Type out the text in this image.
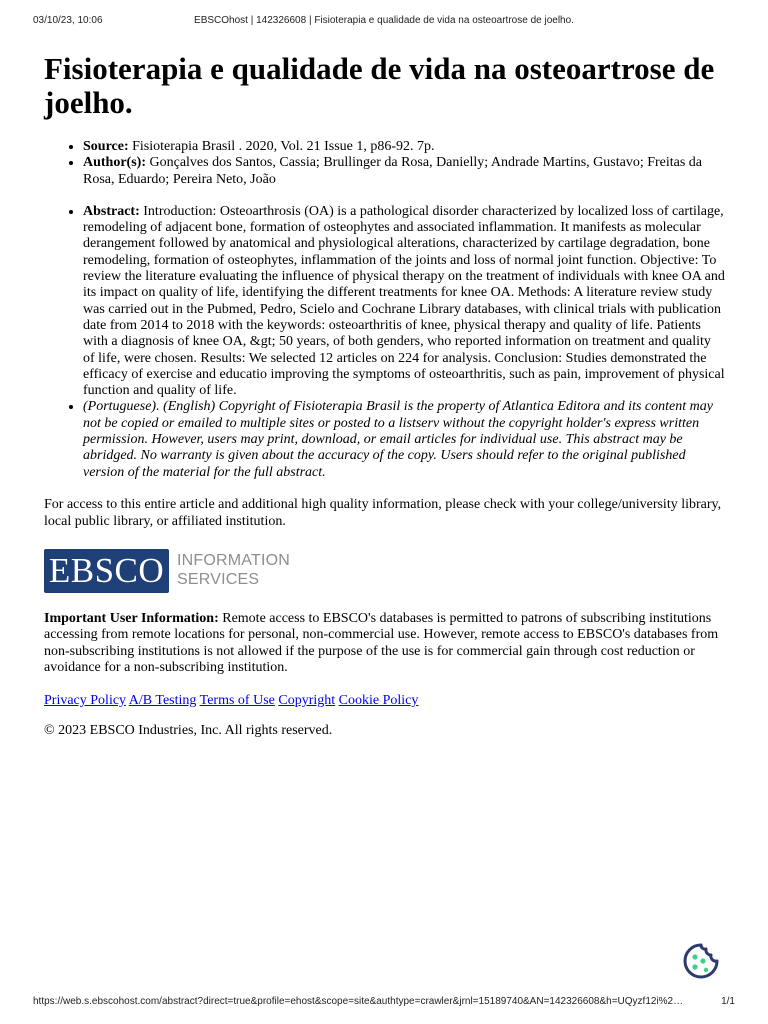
03/10/23, 10:06	EBSCOhost | 142326608 | Fisioterapia e qualidade de vida na osteoartrose de joelho.
Fisioterapia e qualidade de vida na osteoartrose de joelho.
• Source: Fisioterapia Brasil . 2020, Vol. 21 Issue 1, p86-92. 7p.
• Author(s): Gonçalves dos Santos, Cassia; Brullinger da Rosa, Danielly; Andrade Martins, Gustavo; Freitas da Rosa, Eduardo; Pereira Neto, João
• Abstract: Introduction: Osteoarthrosis (OA) is a pathological disorder characterized by localized loss of cartilage, remodeling of adjacent bone, formation of osteophytes and associated inflammation. It manifests as molecular derangement followed by anatomical and physiological alterations, characterized by cartilage degradation, bone remodeling, formation of osteophytes, inflammation of the joints and loss of normal joint function. Objective: To review the literature evaluating the influence of physical therapy on the treatment of individuals with knee OA and its impact on quality of life, identifying the different treatments for knee OA. Methods: A literature review study was carried out in the Pubmed, Pedro, Scielo and Cochrane Library databases, with clinical trials with publication date from 2014 to 2018 with the keywords: osteoarthritis of knee, physical therapy and quality of life. Patients with a diagnosis of knee OA, &gt; 50 years, of both genders, who reported information on treatment and quality of life, were chosen. Results: We selected 12 articles on 224 for analysis. Conclusion: Studies demonstrated the efficacy of exercise and educatio improving the symptoms of osteoarthritis, such as pain, improvement of physical function and quality of life.
• (Portuguese). (English) Copyright of Fisioterapia Brasil is the property of Atlantica Editora and its content may not be copied or emailed to multiple sites or posted to a listserv without the copyright holder's express written permission. However, users may print, download, or email articles for individual use. This abstract may be abridged. No warranty is given about the accuracy of the copy. Users should refer to the original published version of the material for the full abstract.

For access to this entire article and additional high quality information, please check with your college/university library, local public library, or affiliated institution.

EBSCO INFORMATION
SERVICES

Important User Information: Remote access to EBSCO's databases is permitted to patrons of subscribing institutions accessing from remote locations for personal, non-commercial use. However, remote access to EBSCO's databases from non-subscribing institutions is not allowed if the purpose of the use is for commercial gain through cost reduction or avoidance for a non-subscribing institution.

Privacy Policy A/B Testing Terms of Use Copyright Cookie Policy

© 2023 EBSCO Industries, Inc. All rights reserved.

https://web.s.ebscohost.com/abstract?direct=true&profile=ehost&scope=site&authtype=crawler&jrnl=15189740&AN=142326608&h=UQyzf12i%2…	1/1
